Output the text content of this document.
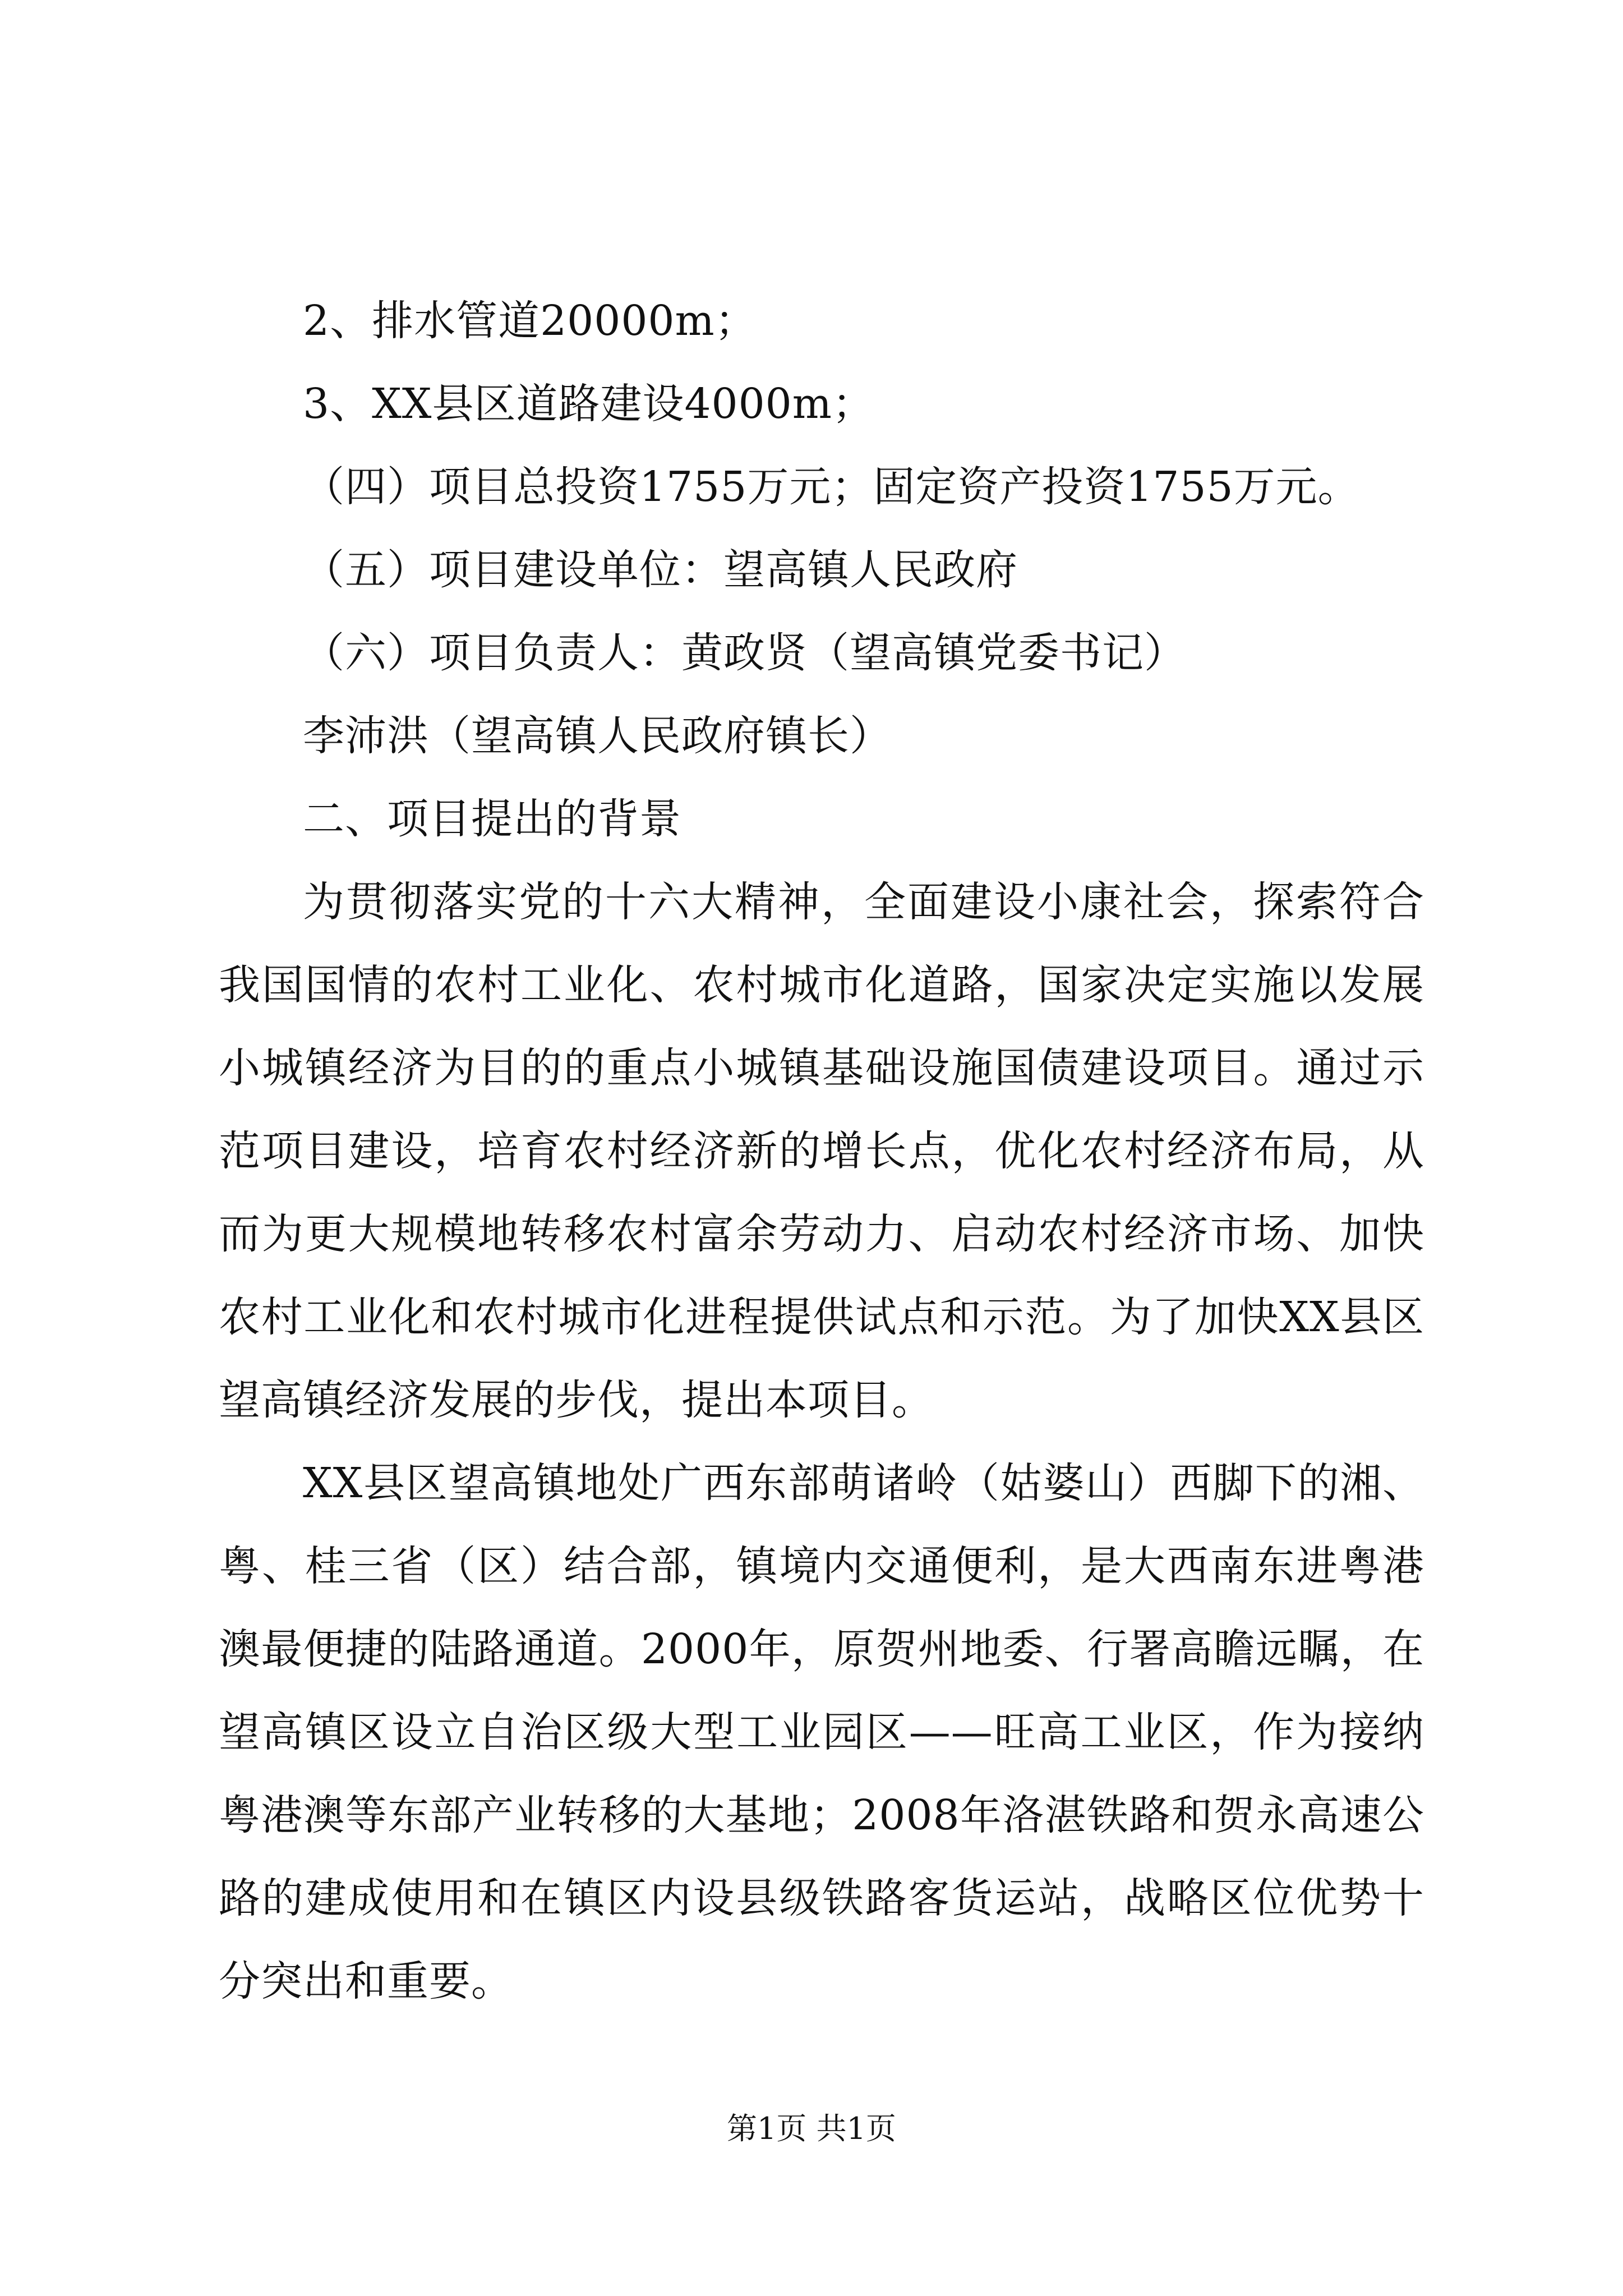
2、排水管道20000m；
3、XX县区道路建设4000m；
（四）项目总投资1755万元；固定资产投资1755万元。
（五）项目建设单位：望高镇人民政府
（六）项目负责人：黄政贤（望高镇党委书记）
李沛洪（望高镇人民政府镇长）
二、项目提出的背景

为贯彻落实党的十六大精神，全面建设小康社会，探索符合我国国情的农村工业化、农村城市化道路，国家决定实施以发展小城镇经济为目的的重点小城镇基础设施国债建设项目。通过示范项目建设，培育农村经济新的增长点，优化农村经济布局，从而为更大规模地转移农村富余劳动力、启动农村经济市场、加快农村工业化和农村城市化进程提供试点和示范。为了加快XX县区望高镇经济发展的步伐，提出本项目。

XX县区望高镇地处广西东部萌诸岭（姑婆山）西脚下的湘、粤、桂三省（区）结合部，镇境内交通便利，是大西南东进粤港澳最便捷的陆路通道。2000年，原贺州地委、行署高瞻远瞩，在望高镇区设立自治区级大型工业园区——旺高工业区，作为接纳粤港澳等东部产业转移的大基地；2008年洛湛铁路和贺永高速公路的建成使用和在镇区内设县级铁路客货运站，战略区位优势十分突出和重要。

第1页 共1页
